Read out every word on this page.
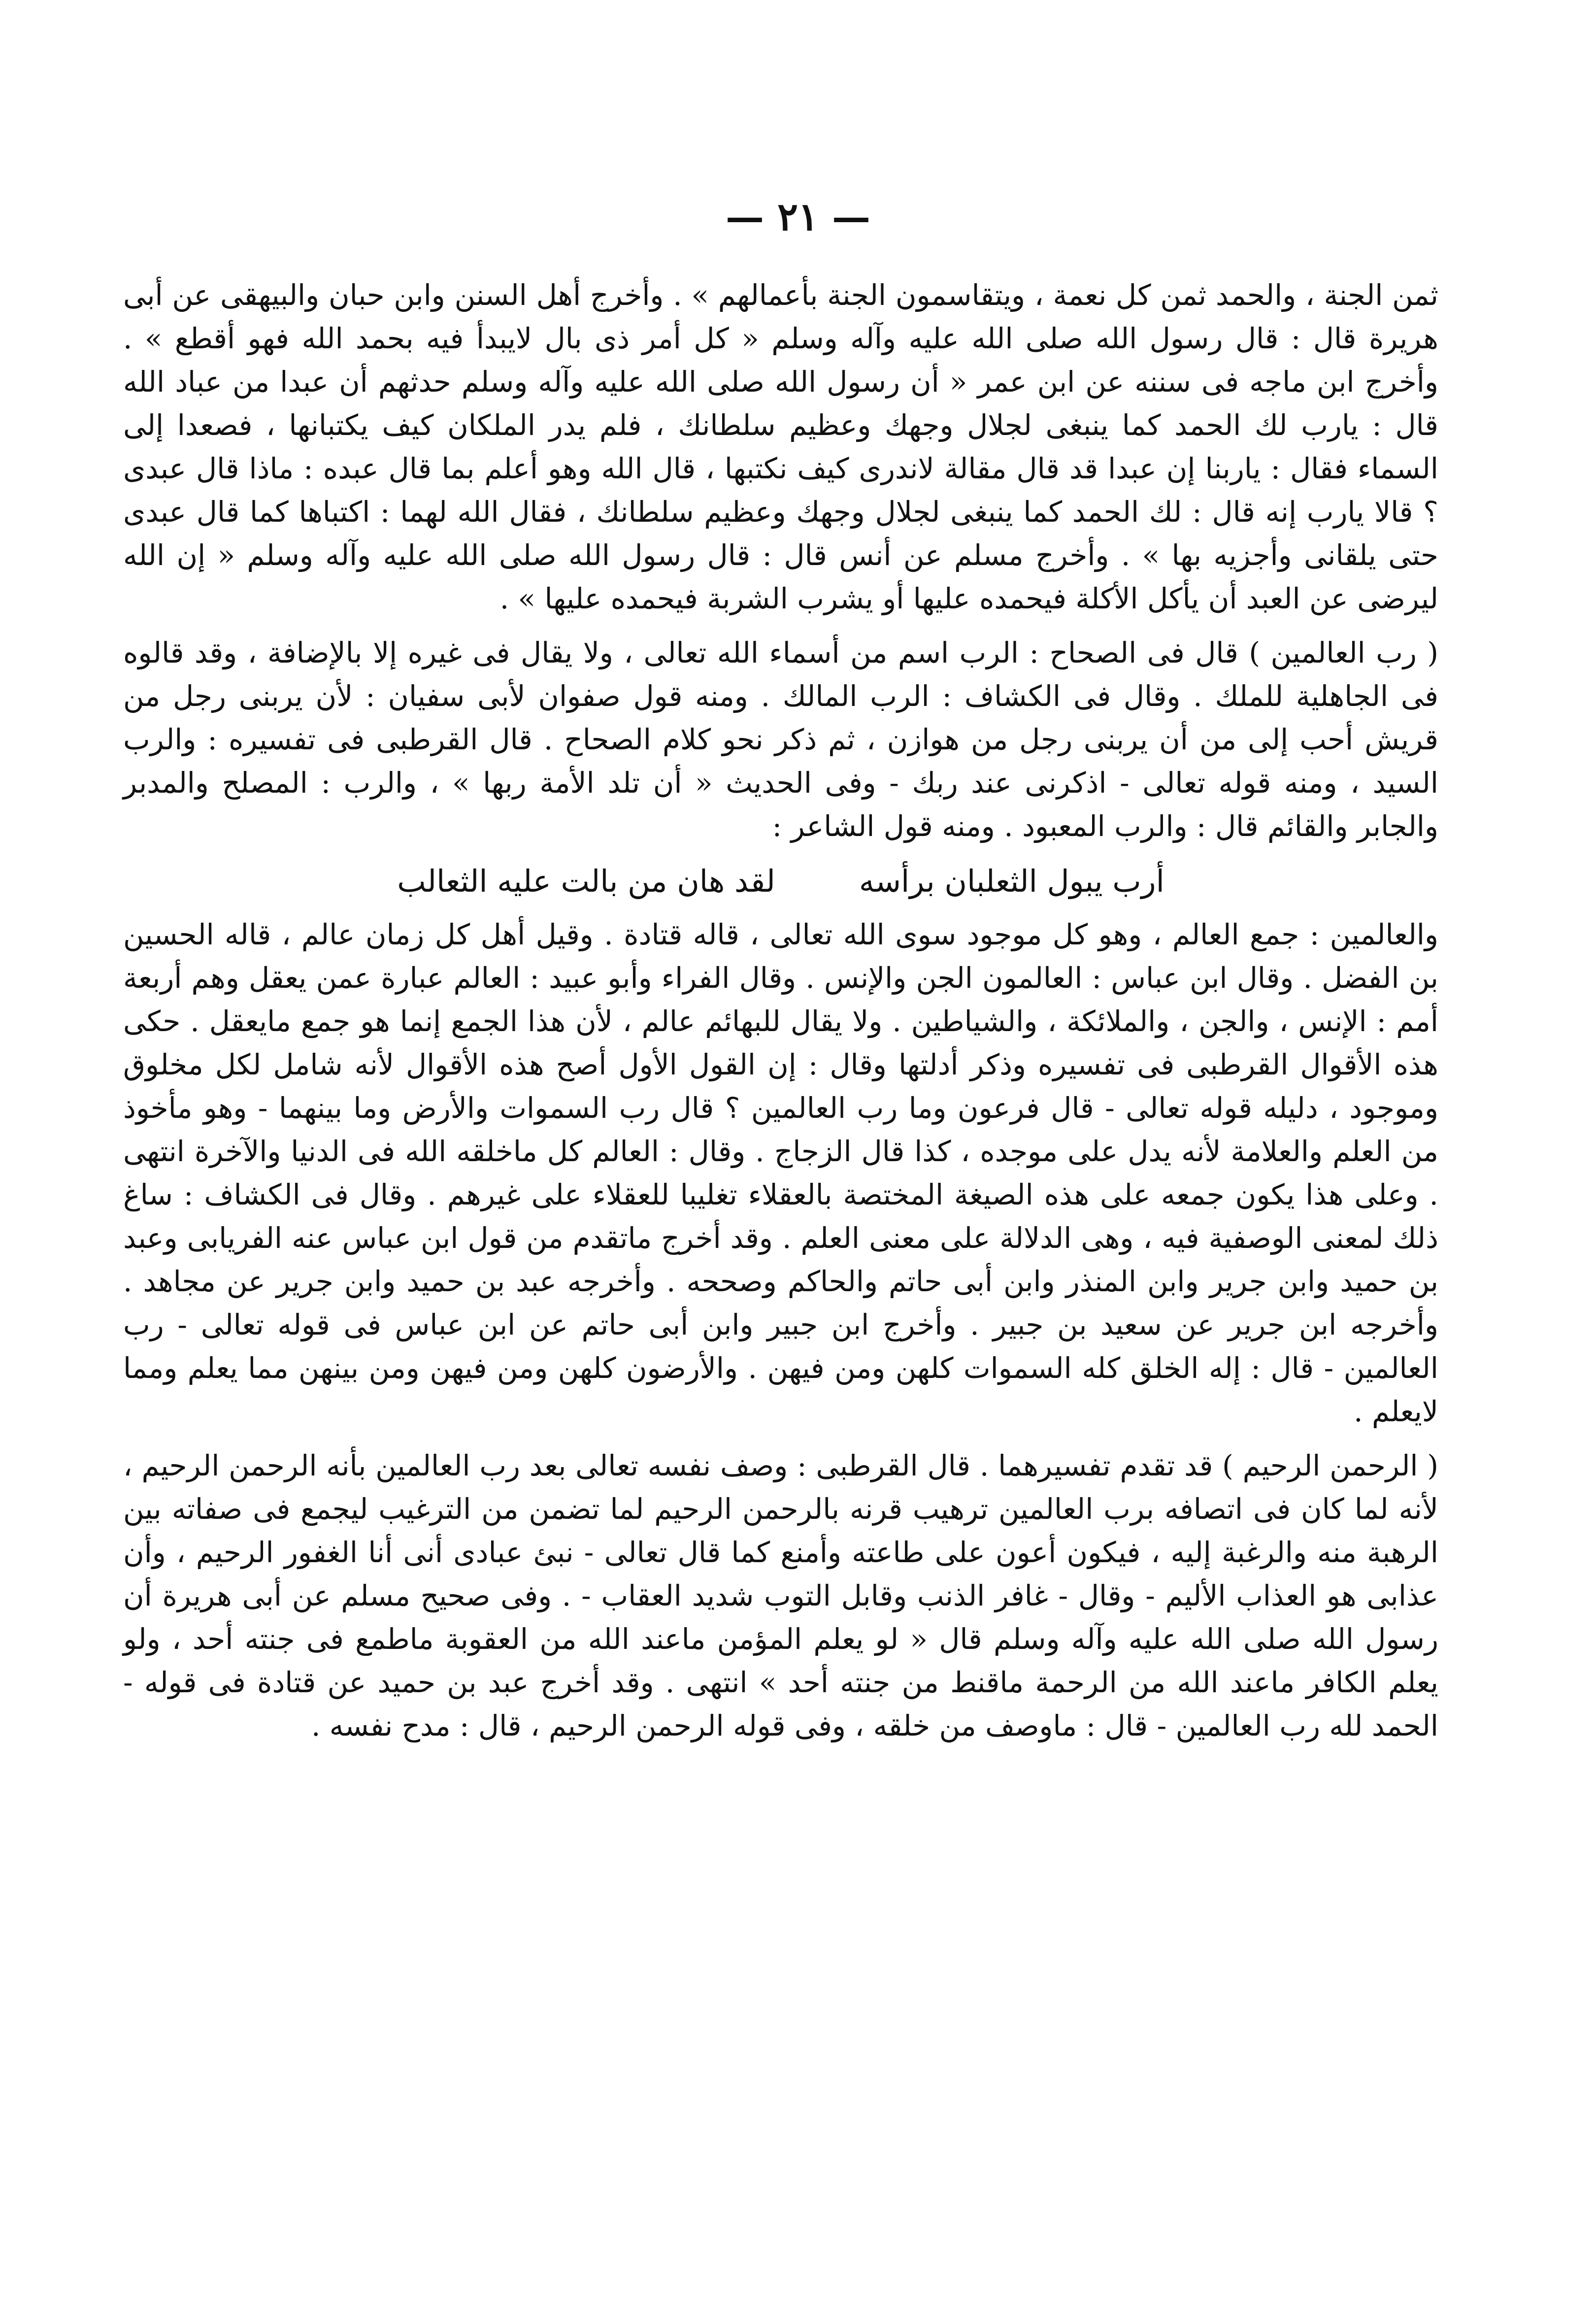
— ٢١ —

ثمن الجنة ، والحمد ثمن كل نعمة ، ويتقاسمون الجنة بأعمالهم » . وأخرج أهل السنن وابن حبان والبيهقى عن أبى هريرة قال : قال رسول الله صلى الله عليه وآله وسلم « كل أمر ذى بال لايبدأ فيه بحمد الله فهو أقطع » . وأخرج ابن ماجه فى سننه عن ابن عمر « أن رسول الله صلى الله عليه وآله وسلم حدثهم أن عبدا من عباد الله قال : يارب لك الحمد كما ينبغى لجلال وجهك وعظيم سلطانك ، فلم يدر الملكان كيف يكتبانها ، فصعدا إلى السماء فقال : ياربنا إن عبدا قد قال مقالة لاندرى كيف نكتبها ، قال الله وهو أعلم بما قال عبده : ماذا قال عبدى ؟ قالا يارب إنه قال : لك الحمد كما ينبغى لجلال وجهك وعظيم سلطانك ، فقال الله لهما : اكتباها كما قال عبدى حتى يلقانى وأجزيه بها » . وأخرج مسلم عن أنس قال : قال رسول الله صلى الله عليه وآله وسلم « إن الله ليرضى عن العبد أن يأكل الأكلة فيحمده عليها أو يشرب الشربة فيحمده عليها » .

( رب العالمين ) قال فى الصحاح : الرب اسم من أسماء الله تعالى ، ولا يقال فى غيره إلا بالإضافة ، وقد قالوه فى الجاهلية للملك . وقال فى الكشاف : الرب المالك . ومنه قول صفوان لأبى سفيان : لأن يربنى رجل من قريش أحب إلى من أن يربنى رجل من هوازن ، ثم ذكر نحو كلام الصحاح . قال القرطبى فى تفسيره : والرب السيد ، ومنه قوله تعالى - اذكرنى عند ربك - وفى الحديث « أن تلد الأمة ربها » ، والرب : المصلح والمدبر والجابر والقائم قال : والرب المعبود . ومنه قول الشاعر :

أرب يبول الثعلبان برأسه
لقد هان من بالت عليه الثعالب

والعالمين : جمع العالم ، وهو كل موجود سوى الله تعالى ، قاله قتادة . وقيل أهل كل زمان عالم ، قاله الحسين بن الفضل . وقال ابن عباس : العالمون الجن والإنس . وقال الفراء وأبو عبيد : العالم عبارة عمن يعقل وهم أربعة أمم : الإنس ، والجن ، والملائكة ، والشياطين . ولا يقال للبهائم عالم ، لأن هذا الجمع إنما هو جمع مايعقل . حكى هذه الأقوال القرطبى فى تفسيره وذكر أدلتها وقال : إن القول الأول أصح هذه الأقوال لأنه شامل لكل مخلوق وموجود ، دليله قوله تعالى - قال فرعون وما رب العالمين ؟ قال رب السموات والأرض وما بينهما - وهو مأخوذ من العلم والعلامة لأنه يدل على موجده ، كذا قال الزجاج . وقال : العالم كل ماخلقه الله فى الدنيا والآخرة انتهى . وعلى هذا يكون جمعه على هذه الصيغة المختصة بالعقلاء تغليبا للعقلاء على غيرهم . وقال فى الكشاف : ساغ ذلك لمعنى الوصفية فيه ، وهى الدلالة على معنى العلم . وقد أخرج ماتقدم من قول ابن عباس عنه الفريابى وعبد بن حميد وابن جرير وابن المنذر وابن أبى حاتم والحاكم وصححه . وأخرجه عبد بن حميد وابن جرير عن مجاهد . وأخرجه ابن جرير عن سعيد بن جبير . وأخرج ابن جبير وابن أبى حاتم عن ابن عباس فى قوله تعالى - رب العالمين - قال : إله الخلق كله السموات كلهن ومن فيهن . والأرضون كلهن ومن فيهن ومن بينهن مما يعلم ومما لايعلم .

( الرحمن الرحيم ) قد تقدم تفسيرهما . قال القرطبى : وصف نفسه تعالى بعد رب العالمين بأنه الرحمن الرحيم ، لأنه لما كان فى اتصافه برب العالمين ترهيب قرنه بالرحمن الرحيم لما تضمن من الترغيب ليجمع فى صفاته بين الرهبة منه والرغبة إليه ، فيكون أعون على طاعته وأمنع كما قال تعالى - نبئ عبادى أنى أنا الغفور الرحيم ، وأن عذابى هو العذاب الأليم - وقال - غافر الذنب وقابل التوب شديد العقاب - . وفى صحيح مسلم عن أبى هريرة أن رسول الله صلى الله عليه وآله وسلم قال « لو يعلم المؤمن ماعند الله من العقوبة ماطمع فى جنته أحد ، ولو يعلم الكافر ماعند الله من الرحمة ماقنط من جنته أحد » انتهى . وقد أخرج عبد بن حميد عن قتادة فى قوله - الحمد لله رب العالمين - قال : ماوصف من خلقه ، وفى قوله الرحمن الرحيم ، قال : مدح نفسه .
